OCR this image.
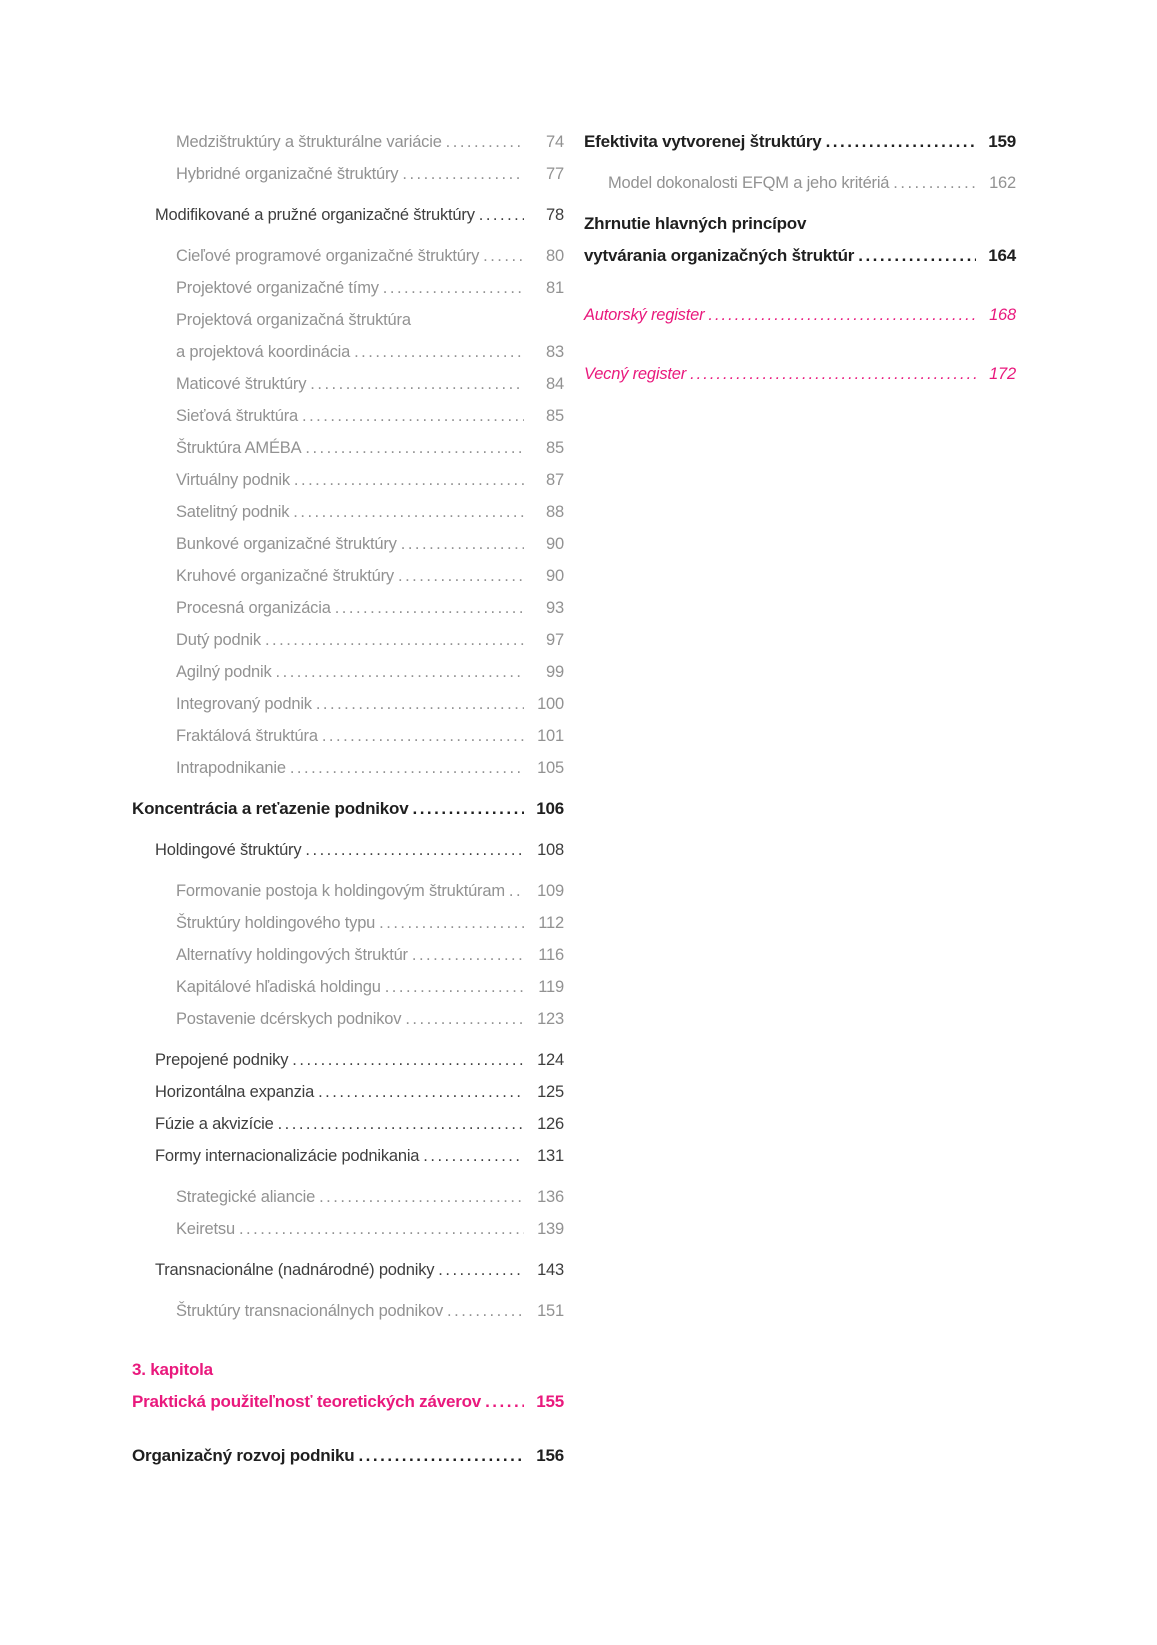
Medzištruktúry a štrukturálne variácie .....	74
Hybridné organizačné štruktúry .....	77
Modifikované a pružné organizačné štruktúry .....	78
Cieľové programové organizačné štruktúry .....	80
Projektové organizačné tímy .....	81
Projektová organizačná štruktúra
a projektová koordinácia .....	83
Maticové štruktúry .....	84
Sieťová štruktúra .....	85
Štruktúra AMÉBA .....	85
Virtuálny podnik .....	87
Satelitný podnik .....	88
Bunkové organizačné štruktúry .....	90
Kruhové organizačné štruktúry .....	90
Procesná organizácia .....	93
Dutý podnik .....	97
Agilný podnik .....	99
Integrovaný podnik .....	100
Fraktálová štruktúra .....	101
Intrapodnikanie .....	105
Koncentrácia a reťazenie podnikov .....	106
Holdingové štruktúry .....	108
Formovanie postoja k holdingovým štruktúram .....	109
Štruktúry holdingového typu .....	112
Alternatívy holdingových štruktúr .....	116
Kapitálové hľadiská holdingu .....	119
Postavenie dcérskych podnikov .....	123
Prepojené podniky .....	124
Horizontálna expanzia .....	125
Fúzie a akvizície .....	126
Formy internacionalizácie podnikania .....	131
Strategické aliancie .....	136
Keiretsu .....	139
Transnacionálne (nadnárodné) podniky .....	143
Štruktúry transnacionálnych podnikov .....	151
3. kapitola
Praktická použiteľnosť teoretických záverov .....	155
Organizačný rozvoj podniku .....	156
Efektivita vytvorenej štruktúry .....	159
Model dokonalosti EFQM a jeho kritériá .....	162
Zhrnutie hlavných princípov
vytvárania organizačných štruktúr .....	164
Autorský register .....	168
Vecný register .....	172
